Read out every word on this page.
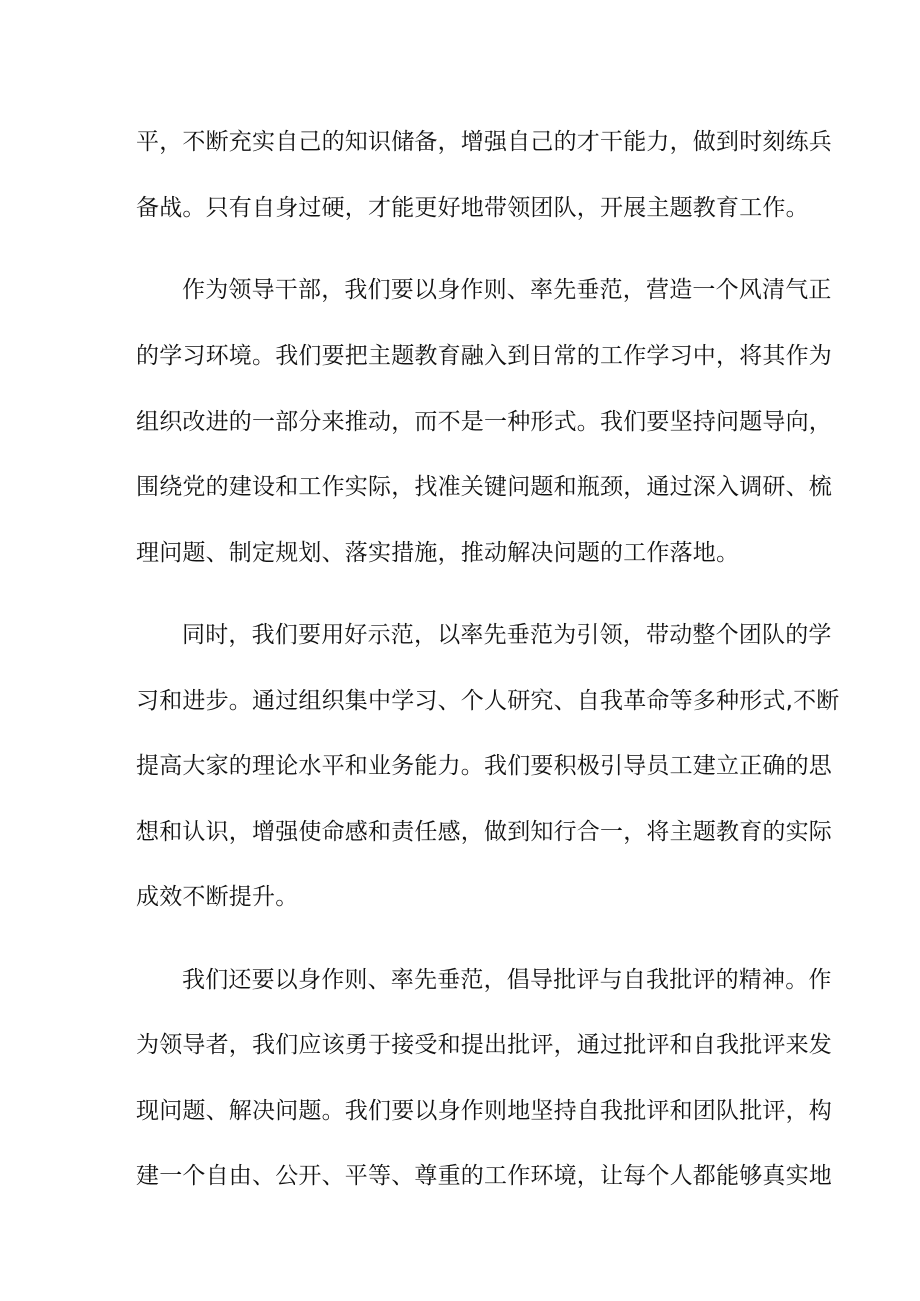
平，不断充实自己的知识储备，增强自己的才干能力，做到时刻练兵

备战。只有自身过硬，才能更好地带领团队，开展主题教育工作。

作为领导干部，我们要以身作则、率先垂范，营造一个风清气正

的学习环境。我们要把主题教育融入到日常的工作学习中，将其作为

组织改进的一部分来推动，而不是一种形式。我们要坚持问题导向，

围绕党的建设和工作实际，找准关键问题和瓶颈，通过深入调研、梳

理问题、制定规划、落实措施，推动解决问题的工作落地。

同时，我们要用好示范，以率先垂范为引领，带动整个团队的学

习和进步。通过组织集中学习、个人研究、自我革命等多种形式,不断

提高大家的理论水平和业务能力。我们要积极引导员工建立正确的思

想和认识，增强使命感和责任感，做到知行合一，将主题教育的实际

成效不断提升。

我们还要以身作则、率先垂范，倡导批评与自我批评的精神。作

为领导者，我们应该勇于接受和提出批评，通过批评和自我批评来发

现问题、解决问题。我们要以身作则地坚持自我批评和团队批评，构

建一个自由、公开、平等、尊重的工作环境，让每个人都能够真实地
